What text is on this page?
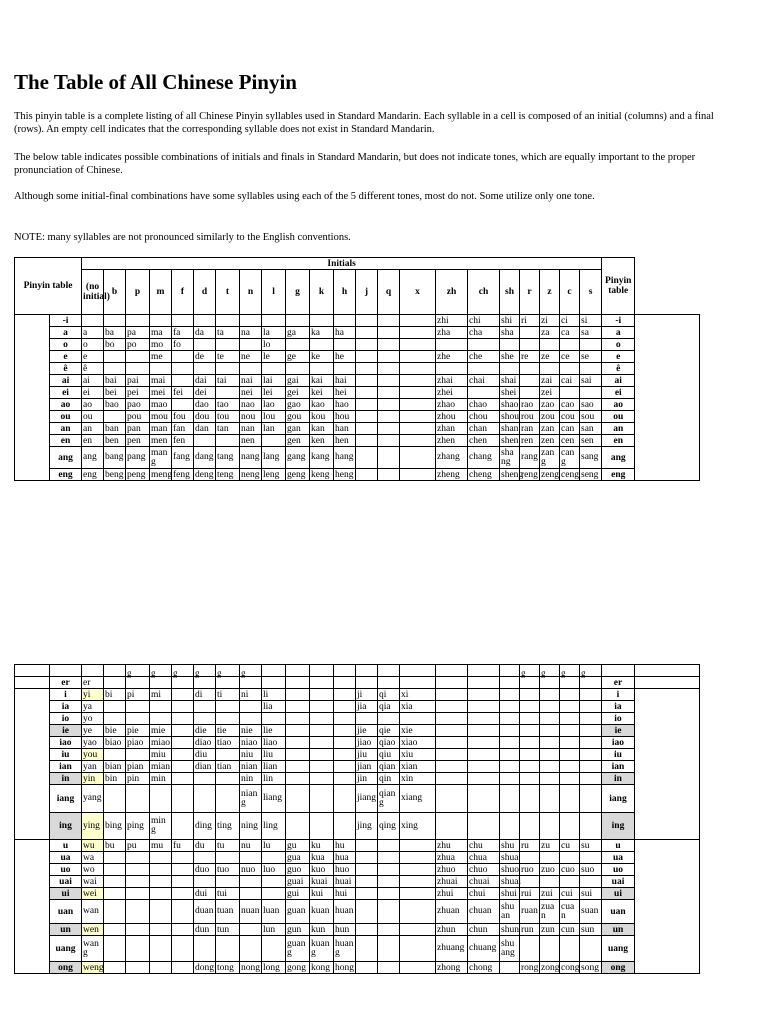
The Table of All Chinese Pinyin

This pinyin table is a complete listing of all Chinese Pinyin syllables used in Standard Mandarin. Each syllable in a cell is composed of an initial (columns) and a final (rows). An empty cell indicates that the corresponding syllable does not exist in Standard Mandarin.

The below table indicates possible combinations of initials and finals in Standard Mandarin, but does not indicate tones, which are equally important to the proper pronunciation of Chinese.

Although some initial-final combinations have some syllables using each of the 5 different tones, most do not. Some utilize only one tone.

NOTE: many syllables are not pronounced similarly to the English conventions.

Pinyin table		Initials																						Pinyin table	
		(no initial)	b	p	m	f	d	t	n	l	g	k	h	j	q	x	zh	ch	sh	r	z	c	s		
	-i																zhi	chi	shi	ri	zi	ci	si	-i	
	a	a	ba	pa	ma	fa	da	ta	na	la	ga	ka	ha				zha	cha	sha		za	ca	sa	a	
	o	o	bo	po	mo	fo				lo														o	
	e	e			me		de	te	ne	le	ge	ke	he				zhe	che	she	re	ze	ce	se	e	
	ê	ê																						ê	
	ai	ai	bai	pai	mai		dai	tai	nai	lai	gai	kai	hai				zhai	chai	shai		zai	cai	sai	ai	
	ei	ei	bei	pei	mei	fei	dei		nei	lei	gei	kei	hei				zhei		shei		zei			ei	
	ao	ao	bao	pao	mao		dao	tao	nao	lao	gao	kao	hao				zhao	chao	shao	rao	zao	cao	sao	ao	
	ou	ou		pou	mou	fou	dou	tou	nou	lou	gou	kou	hou				zhou	chou	shou	rou	zou	cou	sou	ou	
	an	an	ban	pan	man	fan	dan	tan	nan	lan	gan	kan	han				zhan	chan	shan	ran	zan	can	san	an	
	en	en	ben	pen	men	fen			nen		gen	ken	hen				zhen	chen	shen	ren	zen	cen	sen	en	
	ang	ang	bang	pang	mang	fang	dang	tang	nang	lang	gang	kang	hang				zhang	chang	shang	rang	zang	cang	sang	ang	
	eng	eng	beng	peng	meng	feng	deng	teng	neng	leng	geng	keng	heng				zheng	cheng	sheng	reng	zeng	ceng	seng	eng	
				g	g	g	g	g	g											g	g	g	g		
	er	er																						er	
	i	yi	bi	pi	mi		di	ti	ni	li				ji	qi	xi								i	
	ia	ya								lia				jia	qia	xia								ia	
	io	yo																						io	
	ie	ye	bie	pie	mie		die	tie	nie	lie				jie	qie	xie								ie	
	iao	yao	biao	piao	miao		diao	tiao	niao	liao				jiao	qiao	xiao								iao	
	iu	you			miu		diu		niu	liu				jiu	qiu	xiu								iu	
	ian	yan	bian	pian	mian		dian	tian	nian	lian				jian	qian	xian								ian	
	in	yin	bin	pin	min				nin	lin				jin	qin	xin								in	
	iang	yang							niang	liang				jiang	qiang	xiang								iang	
	ing	ying	bing	ping	ming		ding	ting	ning	ling				jing	qing	xing								ing	
	u	wu	bu	pu	mu	fu	du	tu	nu	lu	gu	ku	hu				zhu	chu	shu	ru	zu	cu	su	u	
	ua	wa									gua	kua	hua				zhua	chua	shua					ua	
	uo	wo					duo	tuo	nuo	luo	guo	kuo	huo				zhuo	chuo	shuo	ruo	zuo	cuo	suo	uo	
	uai	wai									guai	kuai	huai				zhuai	chuai	shuai					uai	
	ui	wei					dui	tui			gui	kui	hui				zhui	chui	shui	rui	zui	cui	sui	ui	
	uan	wan					duan	tuan	nuan	luan	guan	kuan	huan				zhuan	chuan	shuan	ruan	zuan	cuan	suan	uan	
	un	wen					dun	tun		lun	gun	kun	hun				zhun	chun	shun	run	zun	cun	sun	un	
	uang	wang									guang	kuang	huang				zhuang	chuang	shuang					uang	
	ong	weng					dong	tong	nong	long	gong	kong	hong				zhong	chong		rong	zong	cong	song	ong	
